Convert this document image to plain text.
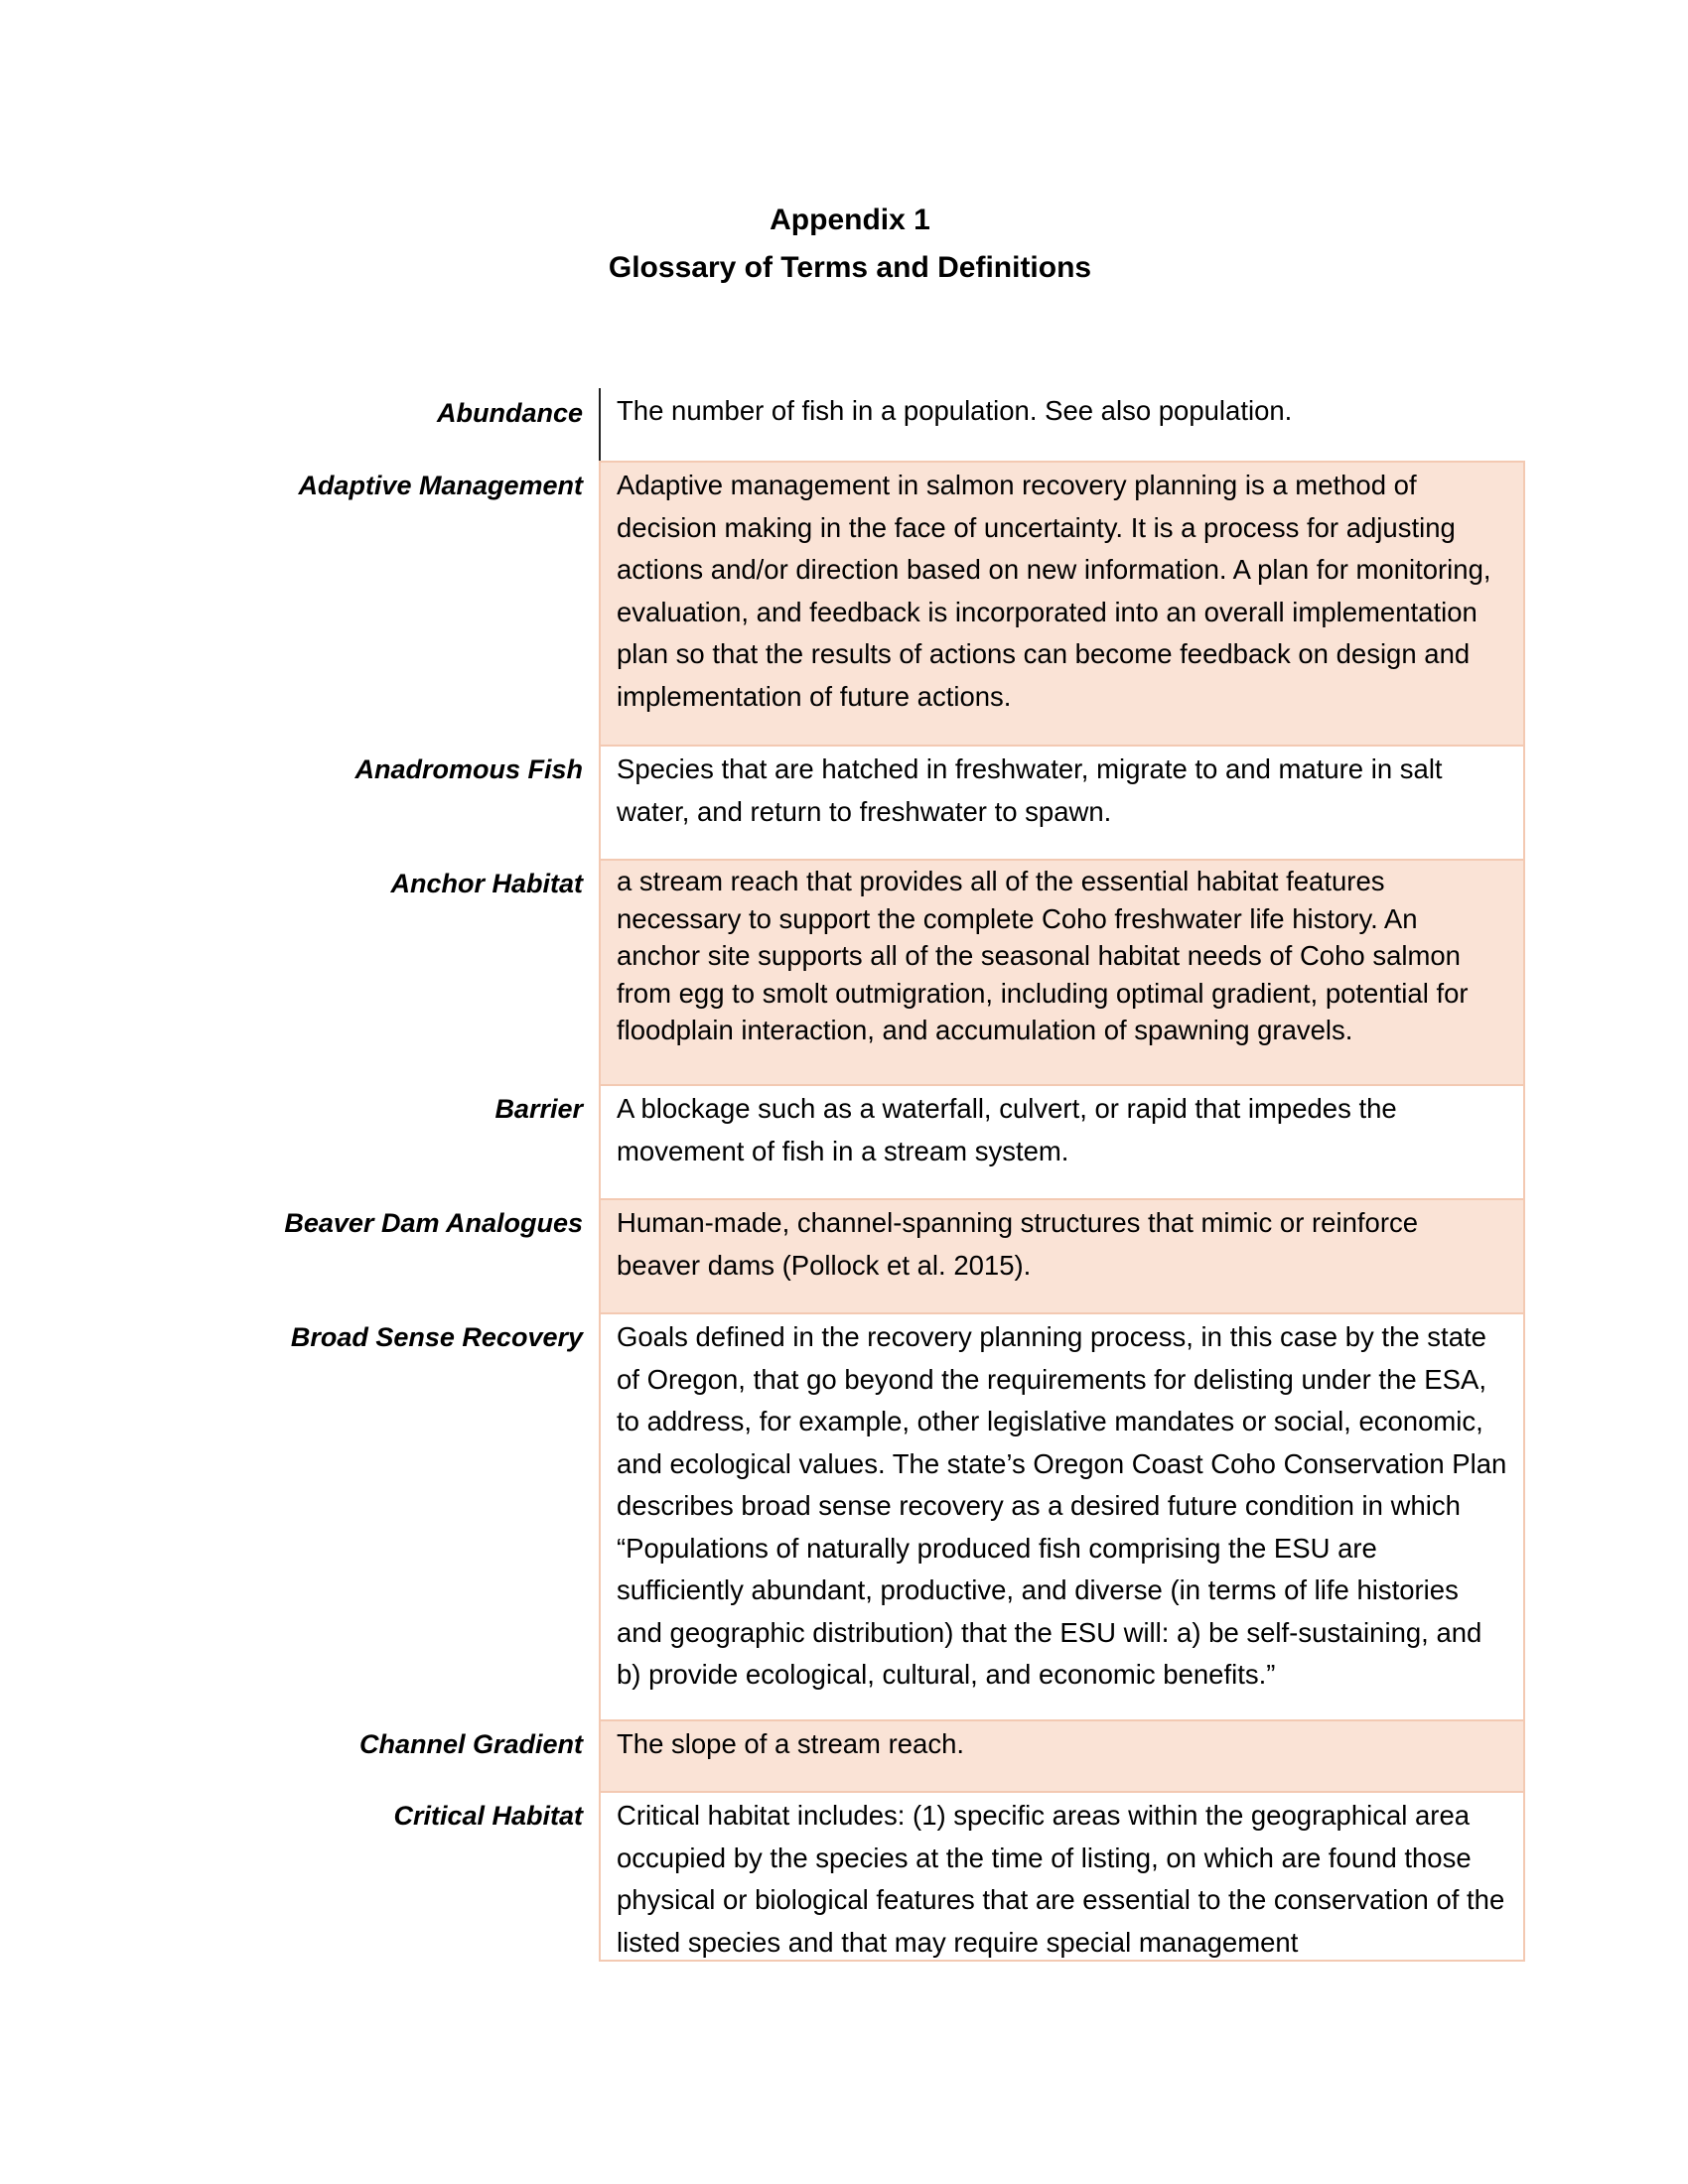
Appendix 1
Glossary of Terms and Definitions
Abundance	The number of fish in a population. See also population.
Adaptive Management	Adaptive management in salmon recovery planning is a method of decision making in the face of uncertainty. It is a process for adjusting actions and/or direction based on new information. A plan for monitoring, evaluation, and feedback is incorporated into an overall implementation plan so that the results of actions can become feedback on design and implementation of future actions.
Anadromous Fish	Species that are hatched in freshwater, migrate to and mature in salt water, and return to freshwater to spawn.
Anchor Habitat	a stream reach that provides all of the essential habitat features necessary to support the complete Coho freshwater life history. An anchor site supports all of the seasonal habitat needs of Coho salmon from egg to smolt outmigration, including optimal gradient, potential for floodplain interaction, and accumulation of spawning gravels.
Barrier	A blockage such as a waterfall, culvert, or rapid that impedes the movement of fish in a stream system.
Beaver Dam Analogues	Human-made, channel-spanning structures that mimic or reinforce beaver dams (Pollock et al. 2015).
Broad Sense Recovery	Goals defined in the recovery planning process, in this case by the state of Oregon, that go beyond the requirements for delisting under the ESA, to address, for example, other legislative mandates or social, economic, and ecological values. The state’s Oregon Coast Coho Conservation Plan describes broad sense recovery as a desired future condition in which “Populations of naturally produced fish comprising the ESU are sufficiently abundant, productive, and diverse (in terms of life histories and geographic distribution) that the ESU will: a) be self-sustaining, and b) provide ecological, cultural, and economic benefits.”
Channel Gradient	The slope of a stream reach.
Critical Habitat	Critical habitat includes: (1) specific areas within the geographical area occupied by the species at the time of listing, on which are found those physical or biological features that are essential to the conservation of the listed species and that may require special management
